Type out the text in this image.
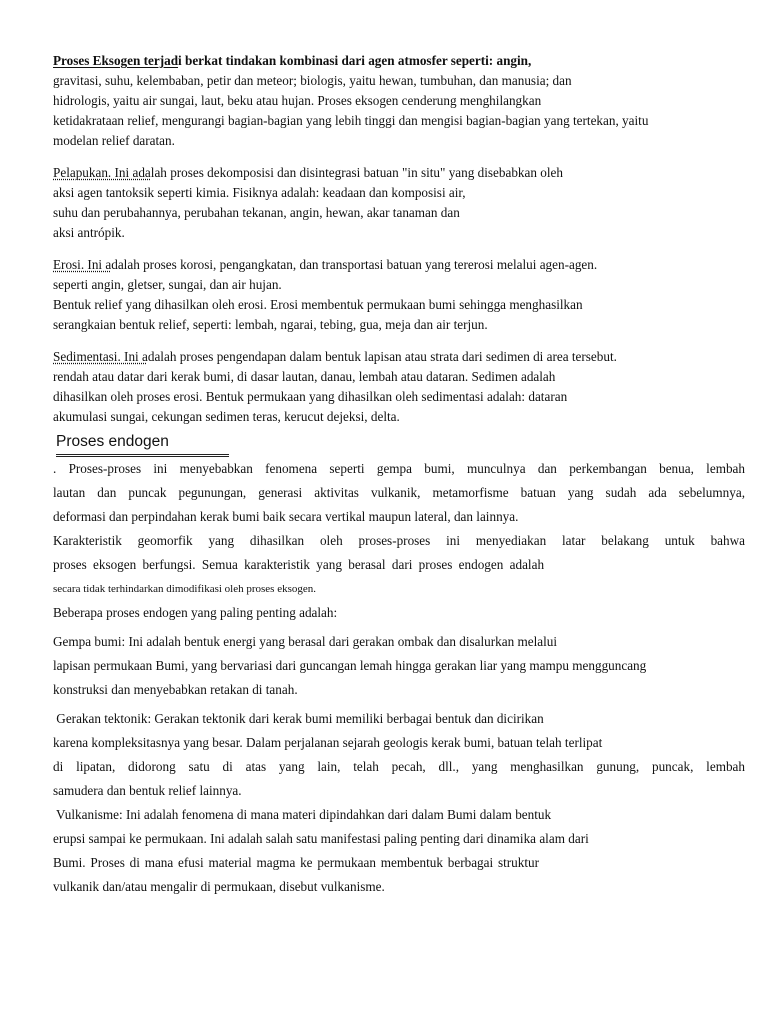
Proses Eksogen terjadi berkat tindakan kombinasi dari agen atmosfer seperti: angin,
gravitasi, suhu, kelembaban, petir dan meteor; biologis, yaitu hewan, tumbuhan, dan manusia; dan
hidrologis, yaitu air sungai, laut, beku atau hujan. Proses eksogen cenderung menghilangkan
ketidakrataan relief, mengurangi bagian-bagian yang lebih tinggi dan mengisi bagian-bagian yang tertekan, yaitu
modelan relief daratan.
Pelapukan. Ini adalah proses dekomposisi dan disintegrasi batuan "in situ" yang disebabkan oleh
aksi agen tantoksik seperti kimia. Fisiknya adalah: keadaan dan komposisi air,
suhu dan perubahannya, perubahan tekanan, angin, hewan, akar tanaman dan
aksi antrópik.
Erosi. Ini adalah proses korosi, pengangkatan, dan transportasi batuan yang tererosi melalui agen-agen.
seperti angin, gletser, sungai, dan air hujan.
Bentuk relief yang dihasilkan oleh erosi. Erosi membentuk permukaan bumi sehingga menghasilkan
serangkaian bentuk relief, seperti: lembah, ngarai, tebing, gua, meja dan air terjun.
Sedimentasi. Ini adalah proses pengendapan dalam bentuk lapisan atau strata dari sedimen di area tersebut.
rendah atau datar dari kerak bumi, di dasar lautan, danau, lembah atau dataran. Sedimen adalah
dihasilkan oleh proses erosi. Bentuk permukaan yang dihasilkan oleh sedimentasi adalah: dataran
akumulasi sungai, cekungan sedimen teras, kerucut dejeksi, delta.
Proses endogen
. Proses-proses ini menyebabkan fenomena seperti gempa bumi, munculnya dan perkembangan benua, lembah
lautan dan puncak pegunungan, generasi aktivitas vulkanik, metamorfisme batuan yang sudah ada sebelumnya,
deformasi dan perpindahan kerak bumi baik secara vertikal maupun lateral, dan lainnya.
Karakteristik geomorfik yang dihasilkan oleh proses-proses ini menyediakan latar belakang untuk bahwa
proses eksogen berfungsi. Semua karakteristik yang berasal dari proses endogen adalah
secara tidak terhindarkan dimodifikasi oleh proses eksogen.
Beberapa proses endogen yang paling penting adalah:
Gempa bumi: Ini adalah bentuk energi yang berasal dari gerakan ombak dan disalurkan melalui
lapisan permukaan Bumi, yang bervariasi dari guncangan lemah hingga gerakan liar yang mampu mengguncang
konstruksi dan menyebabkan retakan di tanah.
Gerakan tektonik: Gerakan tektonik dari kerak bumi memiliki berbagai bentuk dan dicirikan
karena kompleksitasnya yang besar. Dalam perjalanan sejarah geologis kerak bumi, batuan telah terlipat
di lipatan, didorong satu di atas yang lain, telah pecah, dll., yang menghasilkan gunung, puncak, lembah
samudera dan bentuk relief lainnya.
Vulkanisme: Ini adalah fenomena di mana materi dipindahkan dari dalam Bumi dalam bentuk
erupsi sampai ke permukaan. Ini adalah salah satu manifestasi paling penting dari dinamika alam dari
Bumi. Proses di mana efusi material magma ke permukaan membentuk berbagai struktur
vulkanik dan/atau mengalir di permukaan, disebut vulkanisme.
